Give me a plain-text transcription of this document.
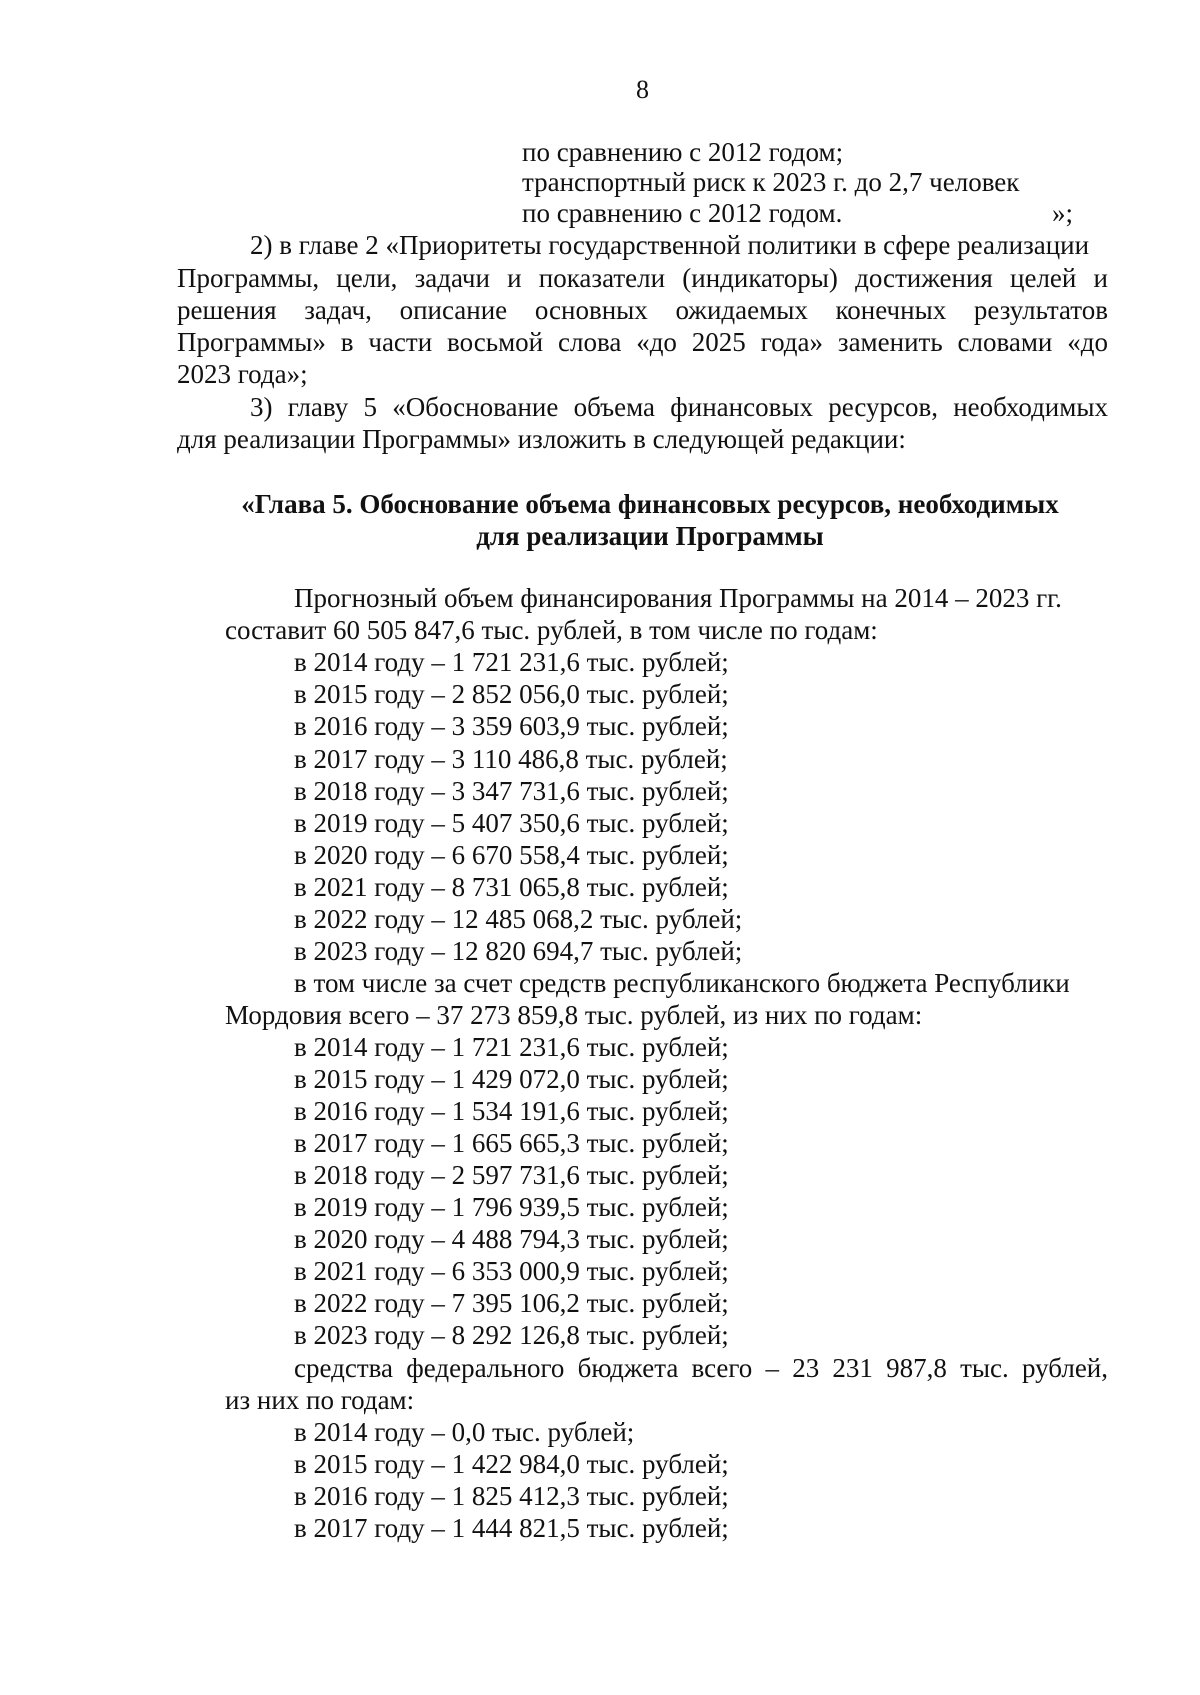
8
по сравнению с 2012 годом;
транспортный риск к 2023 г. до 2,7 человек
по сравнению с 2012 годом.	»;
2) в главе 2 «Приоритеты государственной политики в сфере реализации
Программы, цели, задачи и показатели (индикаторы) достижения целей и
решения задач, описание основных ожидаемых конечных результатов
Программы» в части восьмой слова «до 2025 года» заменить словами «до
2023 года»;
3) главу 5 «Обоснование объема финансовых ресурсов, необходимых
для реализации Программы» изложить в следующей редакции:
«Глава 5. Обоснование объема финансовых ресурсов, необходимых
для реализации Программы
Прогнозный объем финансирования Программы на 2014 – 2023 гг.
составит 60 505 847,6 тыс. рублей, в том числе по годам:
в 2014 году – 1 721 231,6 тыс. рублей;
в 2015 году – 2 852 056,0 тыс. рублей;
в 2016 году – 3 359 603,9 тыс. рублей;
в 2017 году – 3 110 486,8 тыс. рублей;
в 2018 году – 3 347 731,6 тыс. рублей;
в 2019 году – 5 407 350,6 тыс. рублей;
в 2020 году – 6 670 558,4 тыс. рублей;
в 2021 году – 8 731 065,8 тыс. рублей;
в 2022 году – 12 485 068,2 тыс. рублей;
в 2023 году – 12 820 694,7 тыс. рублей;
в том числе за счет средств республиканского бюджета Республики
Мордовия всего – 37 273 859,8 тыс. рублей, из них по годам:
в 2014 году – 1 721 231,6 тыс. рублей;
в 2015 году – 1 429 072,0 тыс. рублей;
в 2016 году – 1 534 191,6 тыс. рублей;
в 2017 году – 1 665 665,3 тыс. рублей;
в 2018 году – 2 597 731,6 тыс. рублей;
в 2019 году – 1 796 939,5 тыс. рублей;
в 2020 году – 4 488 794,3 тыс. рублей;
в 2021 году – 6 353 000,9 тыс. рублей;
в 2022 году – 7 395 106,2 тыс. рублей;
в 2023 году – 8 292 126,8 тыс. рублей;
средства федерального бюджета всего – 23 231 987,8 тыс. рублей,
из них по годам:
в 2014 году – 0,0 тыс. рублей;
в 2015 году – 1 422 984,0 тыс. рублей;
в 2016 году – 1 825 412,3 тыс. рублей;
в 2017 году – 1 444 821,5 тыс. рублей;
